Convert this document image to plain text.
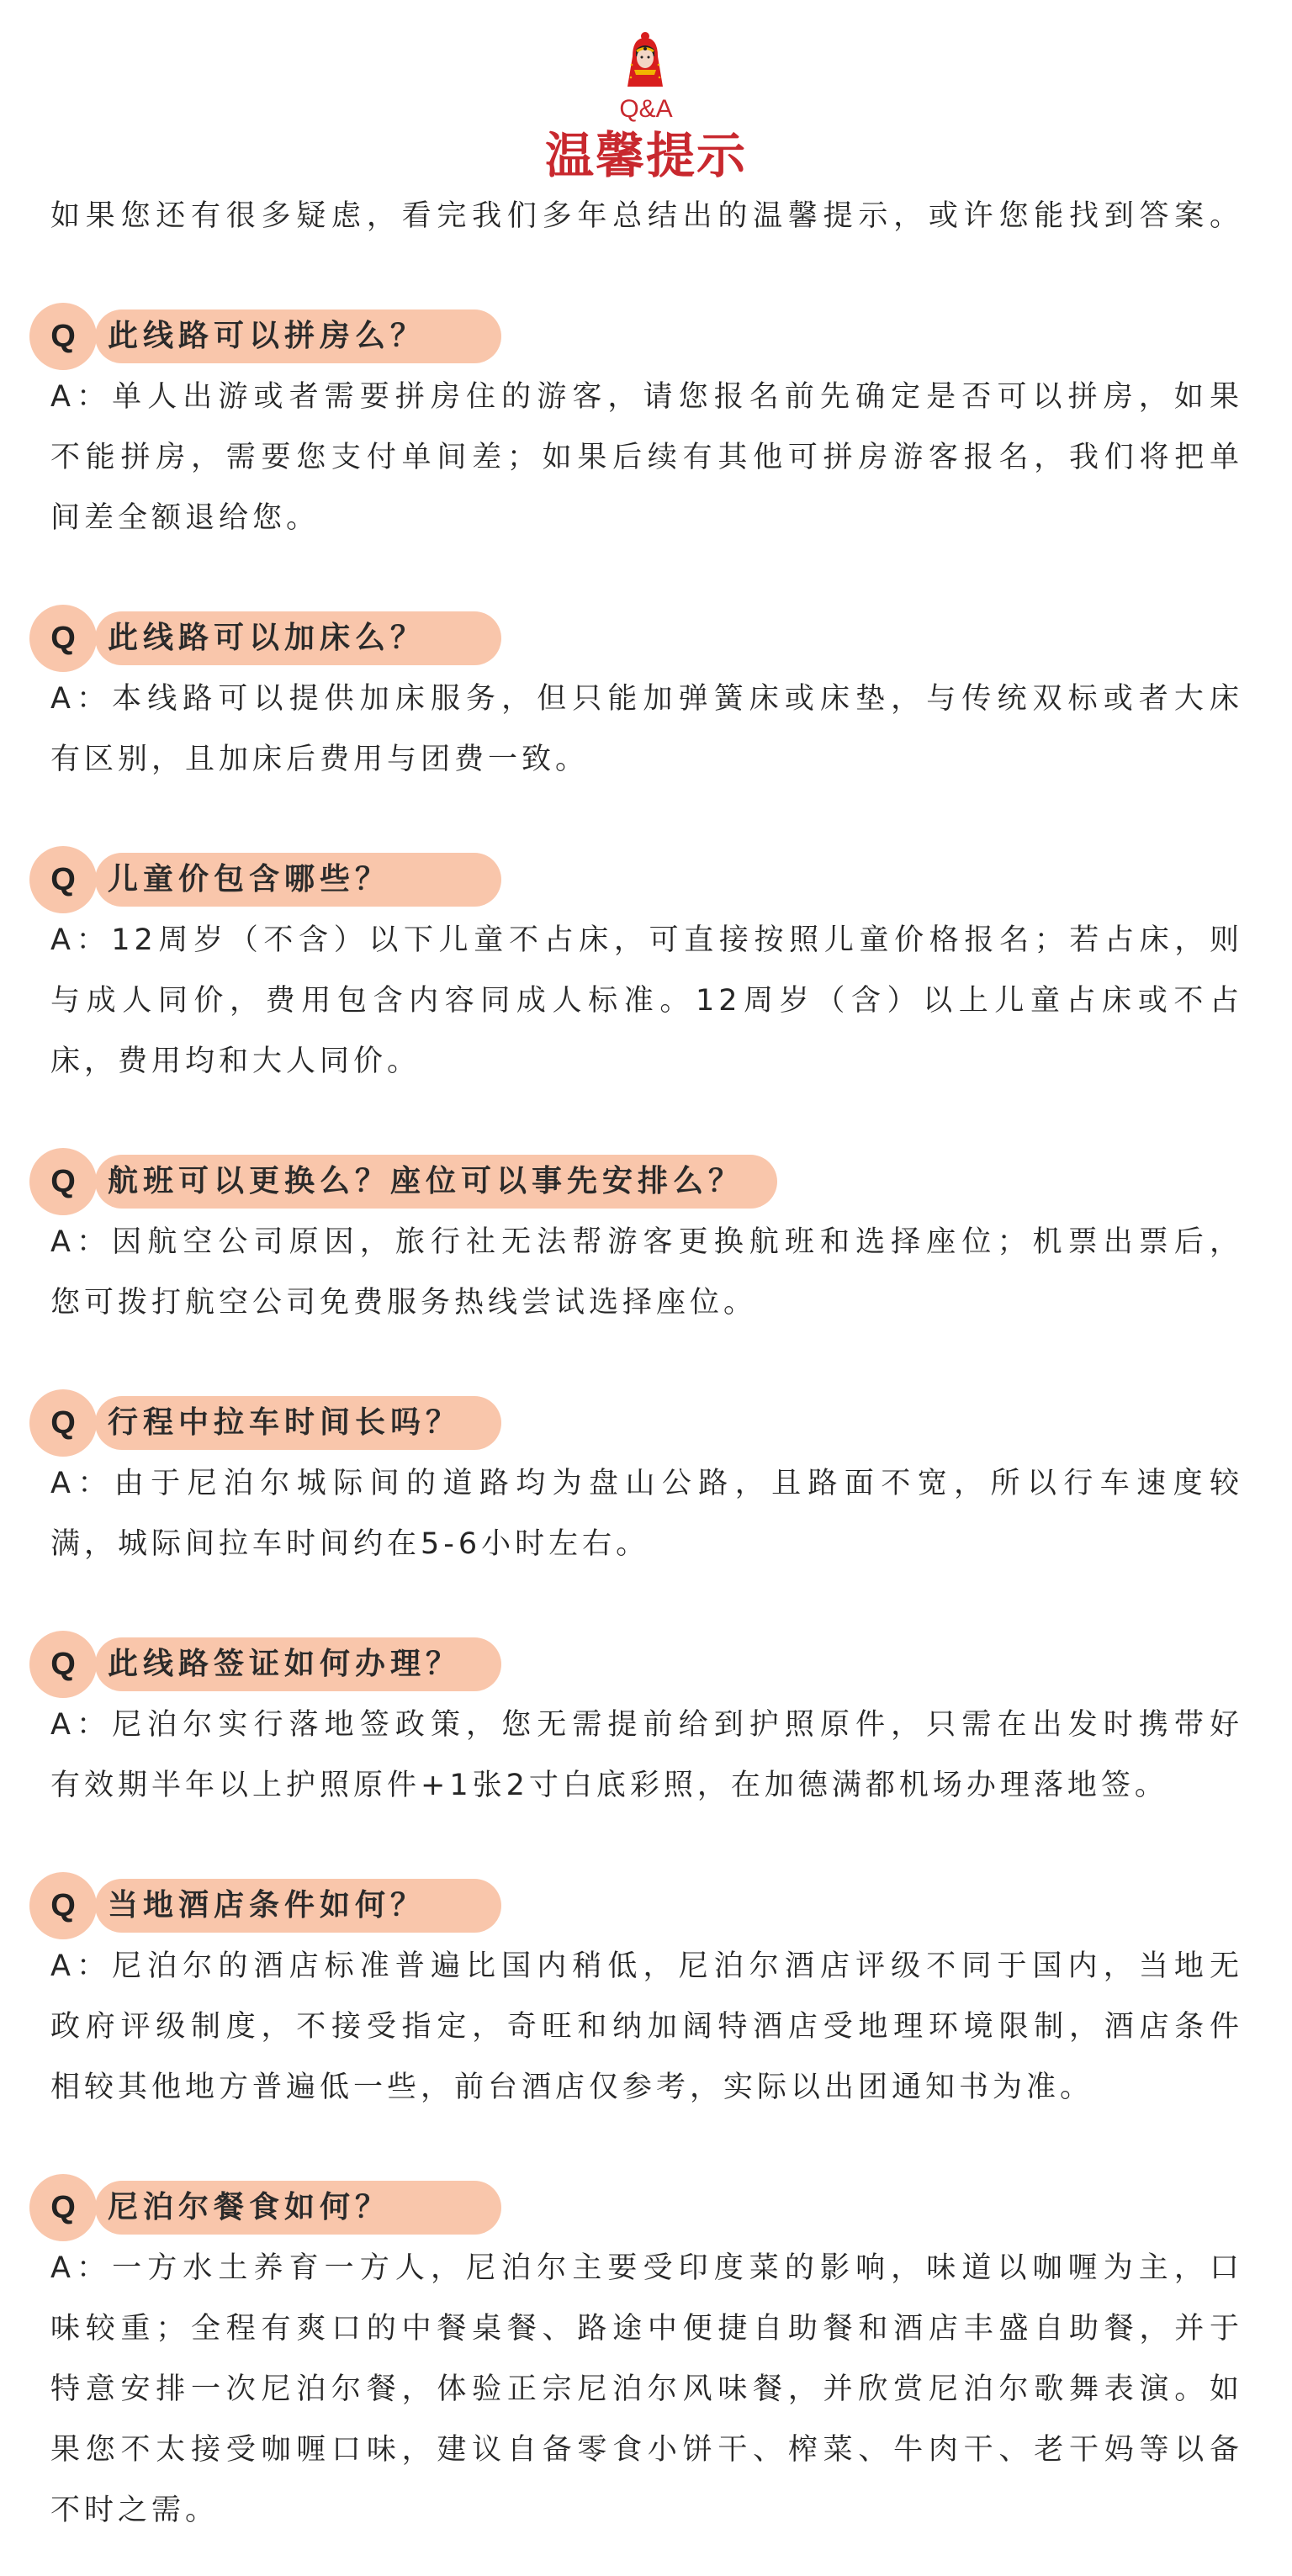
Q&A
温馨提示
如果您还有很多疑虑，看完我们多年总结出的温馨提示，或许您能找到答案。
此线路可以拼房么？
Q
A：单人出游或者需要拼房住的游客，请您报名前先确定是否可以拼房，如果
不能拼房，需要您支付单间差；如果后续有其他可拼房游客报名，我们将把单
间差全额退给您。
此线路可以加床么？
Q
A：本线路可以提供加床服务，但只能加弹簧床或床垫，与传统双标或者大床
有区别，且加床后费用与团费一致。
儿童价包含哪些？
Q
A：12周岁（不含）以下儿童不占床，可直接按照儿童价格报名；若占床，则
与成人同价，费用包含内容同成人标准。12周岁（含）以上儿童占床或不占
床，费用均和大人同价。
航班可以更换么？座位可以事先安排么？
Q
A：因航空公司原因，旅行社无法帮游客更换航班和选择座位；机票出票后，
您可拨打航空公司免费服务热线尝试选择座位。
行程中拉车时间长吗？
Q
A：由于尼泊尔城际间的道路均为盘山公路，且路面不宽，所以行车速度较
满，城际间拉车时间约在5-6小时左右。
此线路签证如何办理？
Q
A：尼泊尔实行落地签政策，您无需提前给到护照原件，只需在出发时携带好
有效期半年以上护照原件+1张2寸白底彩照，在加德满都机场办理落地签。
当地酒店条件如何？
Q
A：尼泊尔的酒店标准普遍比国内稍低，尼泊尔酒店评级不同于国内，当地无
政府评级制度，不接受指定，奇旺和纳加阔特酒店受地理环境限制，酒店条件
相较其他地方普遍低一些，前台酒店仅参考，实际以出团通知书为准。
尼泊尔餐食如何？
Q
A：一方水土养育一方人，尼泊尔主要受印度菜的影响，味道以咖喱为主，口
味较重；全程有爽口的中餐桌餐、路途中便捷自助餐和酒店丰盛自助餐，并于
特意安排一次尼泊尔餐，体验正宗尼泊尔风味餐，并欣赏尼泊尔歌舞表演。如
果您不太接受咖喱口味，建议自备零食小饼干、榨菜、牛肉干、老干妈等以备
不时之需。
